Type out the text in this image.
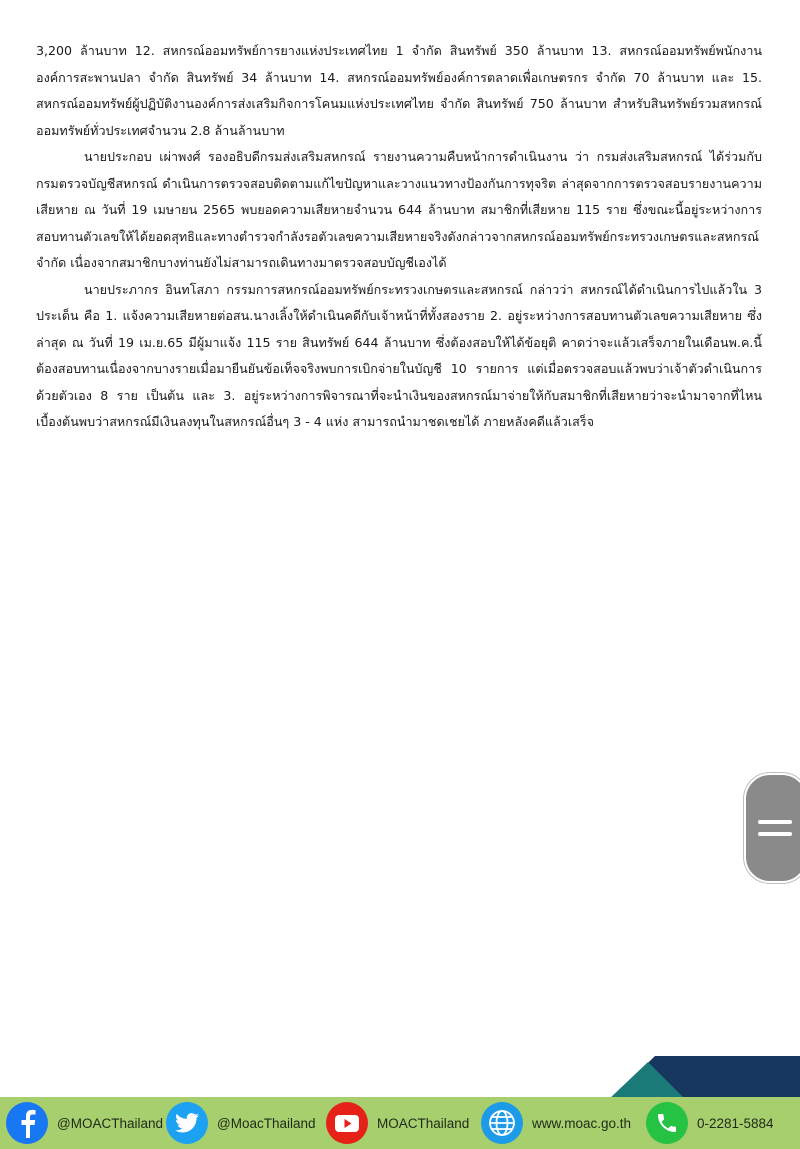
3,200 ล้านบาท 12. สหกรณ์ออมทรัพย์การยางแห่งประเทศไทย 1 จำกัด สินทรัพย์ 350 ล้านบาท 13. สหกรณ์ออมทรัพย์พนักงานองค์การสะพานปลา จำกัด สินทรัพย์ 34 ล้านบาท 14. สหกรณ์ออมทรัพย์องค์การตลาดเพื่อเกษตรกร จำกัด 70 ล้านบาท และ 15. สหกรณ์ออมทรัพย์ผู้ปฏิบัติงานองค์การส่งเสริมกิจการโคนมแห่งประเทศไทย จำกัด สินทรัพย์ 750 ล้านบาท สำหรับสินทรัพย์รวมสหกรณ์ออมทรัพย์ทั่วประเทศจำนวน 2.8 ล้านล้านบาท

นายประกอบ เผ่าพงศ์ รองอธิบดีกรมส่งเสริมสหกรณ์ รายงานความคืบหน้าการดำเนินงาน ว่า กรมส่งเสริมสหกรณ์ ได้ร่วมกับกรมตรวจบัญชีสหกรณ์ ดำเนินการตรวจสอบติดตามแก้ไขปัญหาและวางแนวทางป้องกันการทุจริต ล่าสุดจากการตรวจสอบรายงานความเสียหาย ณ วันที่ 19 เมษายน 2565 พบยอดความเสียหายจำนวน 644 ล้านบาท สมาชิกที่เสียหาย 115 ราย ซึ่งขณะนี้อยู่ระหว่างการสอบทานตัวเลขให้ได้ยอดสุทธิและทางตำรวจกำลังรอตัวเลขความเสียหายจริงดังกล่าวจากสหกรณ์ออมทรัพย์กระทรวงเกษตรและสหกรณ์ จำกัด เนื่องจากสมาชิกบางท่านยังไม่สามารถเดินทางมาตรวจสอบบัญชีเองได้

นายประภากร อินทโสภา กรรมการสหกรณ์ออมทรัพย์กระทรวงเกษตรและสหกรณ์ กล่าวว่า สหกรณ์ได้ดำเนินการไปแล้วใน 3 ประเด็น คือ 1. แจ้งความเสียหายต่อสน.นางเลิ้งให้ดำเนินคดีกับเจ้าหน้าที่ทั้งสองราย 2. อยู่ระหว่างการสอบทานตัวเลขความเสียหาย ซึ่งล่าสุด ณ วันที่ 19 เม.ย.65 มีผู้มาแจ้ง 115 ราย สินทรัพย์ 644 ล้านบาท ซึ่งต้องสอบให้ได้ข้อยุติ คาดว่าจะแล้วเสร็จภายในเดือนพ.ค.นี้ ต้องสอบทานเนื่องจากบางรายเมื่อมายืนยันข้อเท็จจริงพบการเบิกจ่ายในบัญชี 10 รายการ แต่เมื่อตรวจสอบแล้วพบว่าเจ้าตัวดำเนินการด้วยตัวเอง 8 ราย เป็นต้น และ 3. อยู่ระหว่างการพิจารณาที่จะนำเงินของสหกรณ์มาจ่ายให้กับสมาชิกที่เสียหายว่าจะนำมาจากที่ไหน เบื้องต้นพบว่าสหกรณ์มีเงินลงทุนในสหกรณ์อื่นๆ 3 - 4 แห่ง สามารถนำมาชดเชยได้ ภายหลังคดีแล้วเสร็จ

@MOACThailand	@MoacThailand	MOACThailand	www.moac.go.th	0-2281-5884
